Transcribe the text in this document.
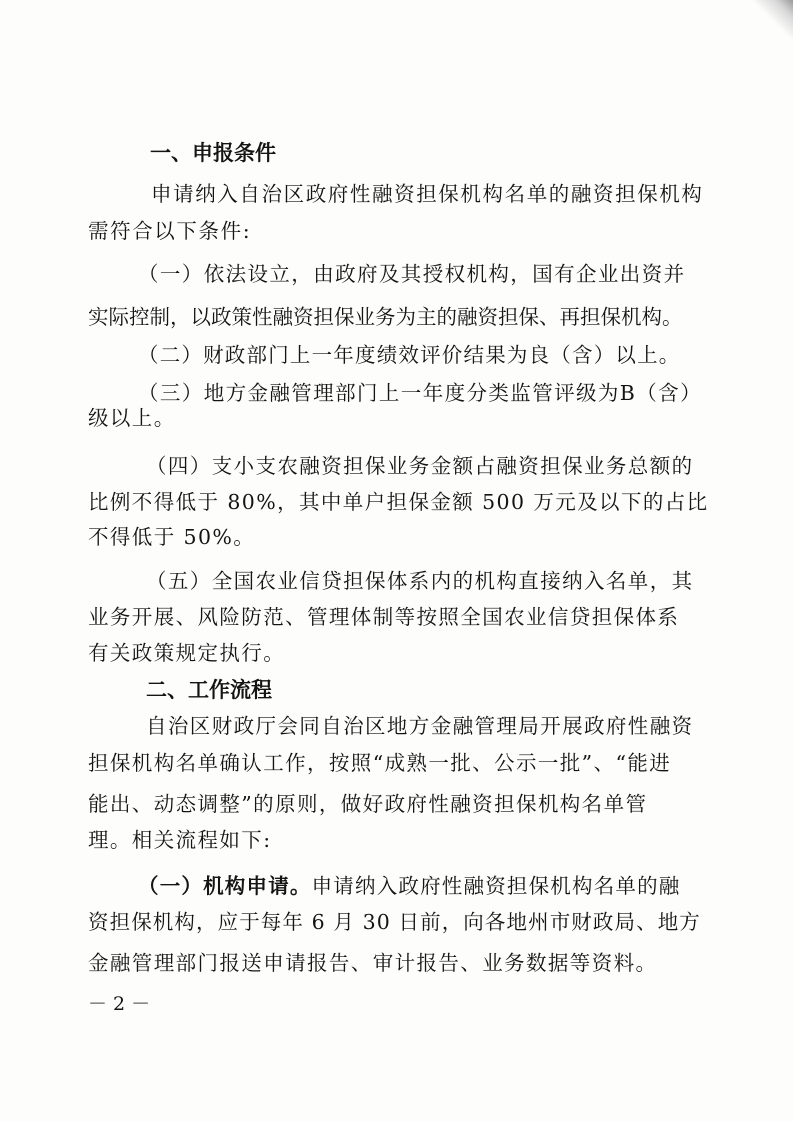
一、申报条件
申请纳入自治区政府性融资担保机构名单的融资担保机构
需符合以下条件:
（一）依法设立，由政府及其授权机构，国有企业出资并
实际控制，以政策性融资担保业务为主的融资担保、再担保机构。
（二）财政部门上一年度绩效评价结果为良（含）以上。
（三）地方金融管理部门上一年度分类监管评级为B（含）
级以上。
（四）支小支农融资担保业务金额占融资担保业务总额的
比例不得低于 80%，其中单户担保金额 500 万元及以下的占比
不得低于 50%。
（五）全国农业信贷担保体系内的机构直接纳入名单，其
业务开展、风险防范、管理体制等按照全国农业信贷担保体系
有关政策规定执行。
二、工作流程
自治区财政厅会同自治区地方金融管理局开展政府性融资
担保机构名单确认工作，按照“成熟一批、公示一批”、“能进
能出、动态调整”的原则，做好政府性融资担保机构名单管
理。相关流程如下:
（一）机构申请。申请纳入政府性融资担保机构名单的融
资担保机构，应于每年 6 月 30 日前，向各地州市财政局、地方
金融管理部门报送申请报告、审计报告、业务数据等资料。
－ 2 －
